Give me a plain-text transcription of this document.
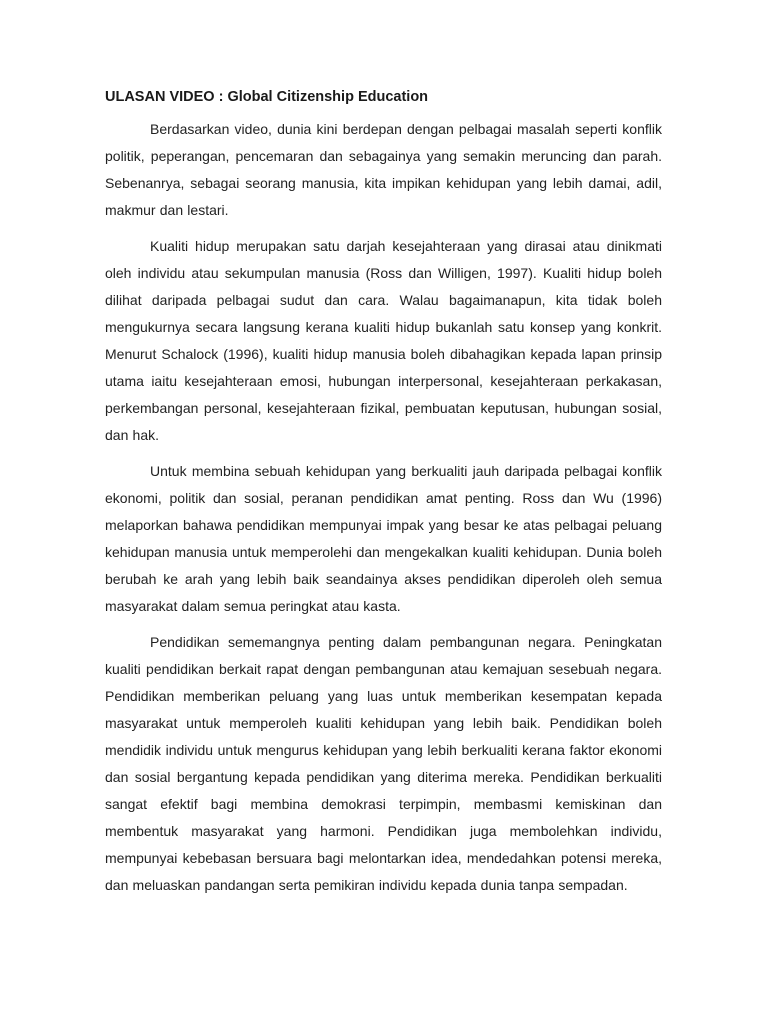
ULASAN VIDEO : Global Citizenship Education

Berdasarkan video, dunia kini berdepan dengan pelbagai masalah seperti konflik politik, peperangan, pencemaran dan sebagainya yang semakin meruncing dan parah. Sebenanrya, sebagai seorang manusia, kita impikan kehidupan yang lebih damai, adil, makmur dan lestari.

Kualiti hidup merupakan satu darjah kesejahteraan yang dirasai atau dinikmati oleh individu atau sekumpulan manusia (Ross dan Willigen, 1997). Kualiti hidup boleh dilihat daripada pelbagai sudut dan cara. Walau bagaimanapun, kita tidak boleh mengukurnya secara langsung kerana kualiti hidup bukanlah satu konsep yang konkrit. Menurut Schalock (1996), kualiti hidup manusia boleh dibahagikan kepada lapan prinsip utama iaitu kesejahteraan emosi, hubungan interpersonal, kesejahteraan perkakasan, perkembangan personal, kesejahteraan fizikal, pembuatan keputusan, hubungan sosial, dan hak.

Untuk membina sebuah kehidupan yang berkualiti jauh daripada pelbagai konflik ekonomi, politik dan sosial, peranan pendidikan amat penting. Ross dan Wu (1996) melaporkan bahawa pendidikan mempunyai impak yang besar ke atas pelbagai peluang kehidupan manusia untuk memperolehi dan mengekalkan kualiti kehidupan. Dunia boleh berubah ke arah yang lebih baik seandainya akses pendidikan diperoleh oleh semua masyarakat dalam semua peringkat atau kasta.

Pendidikan sememangnya penting dalam pembangunan negara. Peningkatan kualiti pendidikan berkait rapat dengan pembangunan atau kemajuan sesebuah negara. Pendidikan memberikan peluang yang luas untuk memberikan kesempatan kepada masyarakat untuk memperoleh kualiti kehidupan yang lebih baik. Pendidikan boleh mendidik individu untuk mengurus kehidupan yang lebih berkualiti kerana faktor ekonomi dan sosial bergantung kepada pendidikan yang diterima mereka. Pendidikan berkualiti sangat efektif bagi membina demokrasi terpimpin, membasmi kemiskinan dan membentuk masyarakat yang harmoni. Pendidikan juga membolehkan individu, mempunyai kebebasan bersuara bagi melontarkan idea, mendedahkan potensi mereka, dan meluaskan pandangan serta pemikiran individu kepada dunia tanpa sempadan.
